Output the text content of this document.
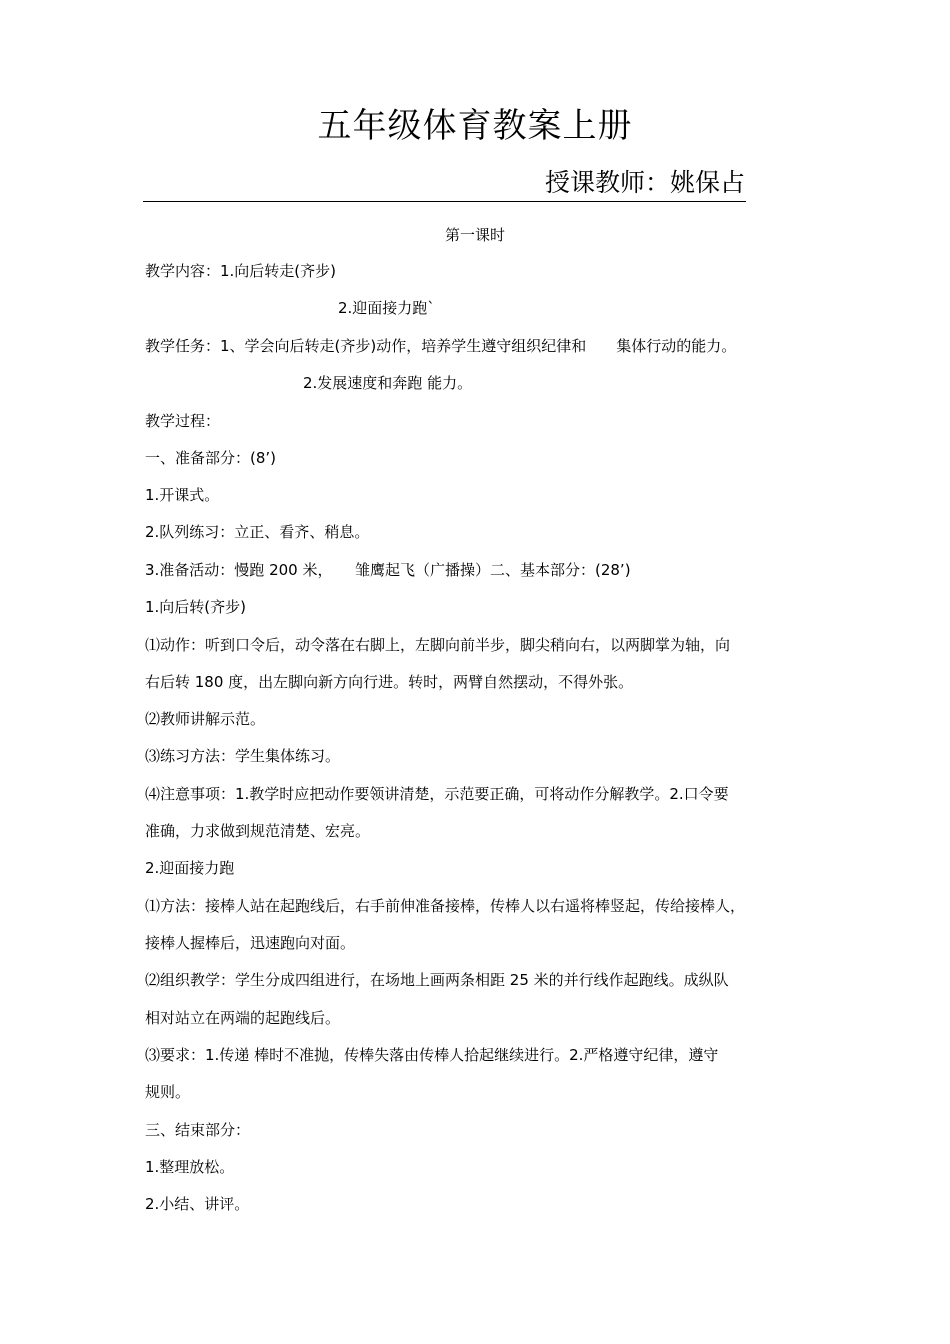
五年级体育教案上册
授课教师：姚保占
第一课时
教学内容：1.向后转走(齐步)
2.迎面接力跑`
教学任务：1、学会向后转走(齐步)动作，培养学生遵守组织纪律和　　集体行动的能力。
2.发展速度和奔跑 能力。
教学过程：
一、准备部分：(8’)
1.开课式。
2.队列练习：立正、看齐、稍息。
3.准备活动：慢跑 200 米，　　雏鹰起飞（广播操）二、基本部分：(28’)
1.向后转(齐步)
⑴动作：听到口令后，动令落在右脚上，左脚向前半步，脚尖稍向右，以两脚掌为轴，向
右后转 180 度，出左脚向新方向行进。转时，两臂自然摆动，不得外张。
⑵教师讲解示范。
⑶练习方法：学生集体练习。
⑷注意事项：1.教学时应把动作要领讲清楚，示范要正确，可将动作分解教学。2.口令要
准确，力求做到规范清楚、宏亮。
2.迎面接力跑
⑴方法：接棒人站在起跑线后，右手前伸准备接棒，传棒人以右遥将棒竖起，传给接棒人，
接棒人握棒后，迅速跑向对面。
⑵组织教学：学生分成四组进行，在场地上画两条相距 25 米的并行线作起跑线。成纵队
相对站立在两端的起跑线后。
⑶要求：1.传递 棒时不准抛，传棒失落由传棒人拾起继续进行。2.严格遵守纪律，遵守
规则。
三、结束部分：
1.整理放松。
2.小结、讲评。
